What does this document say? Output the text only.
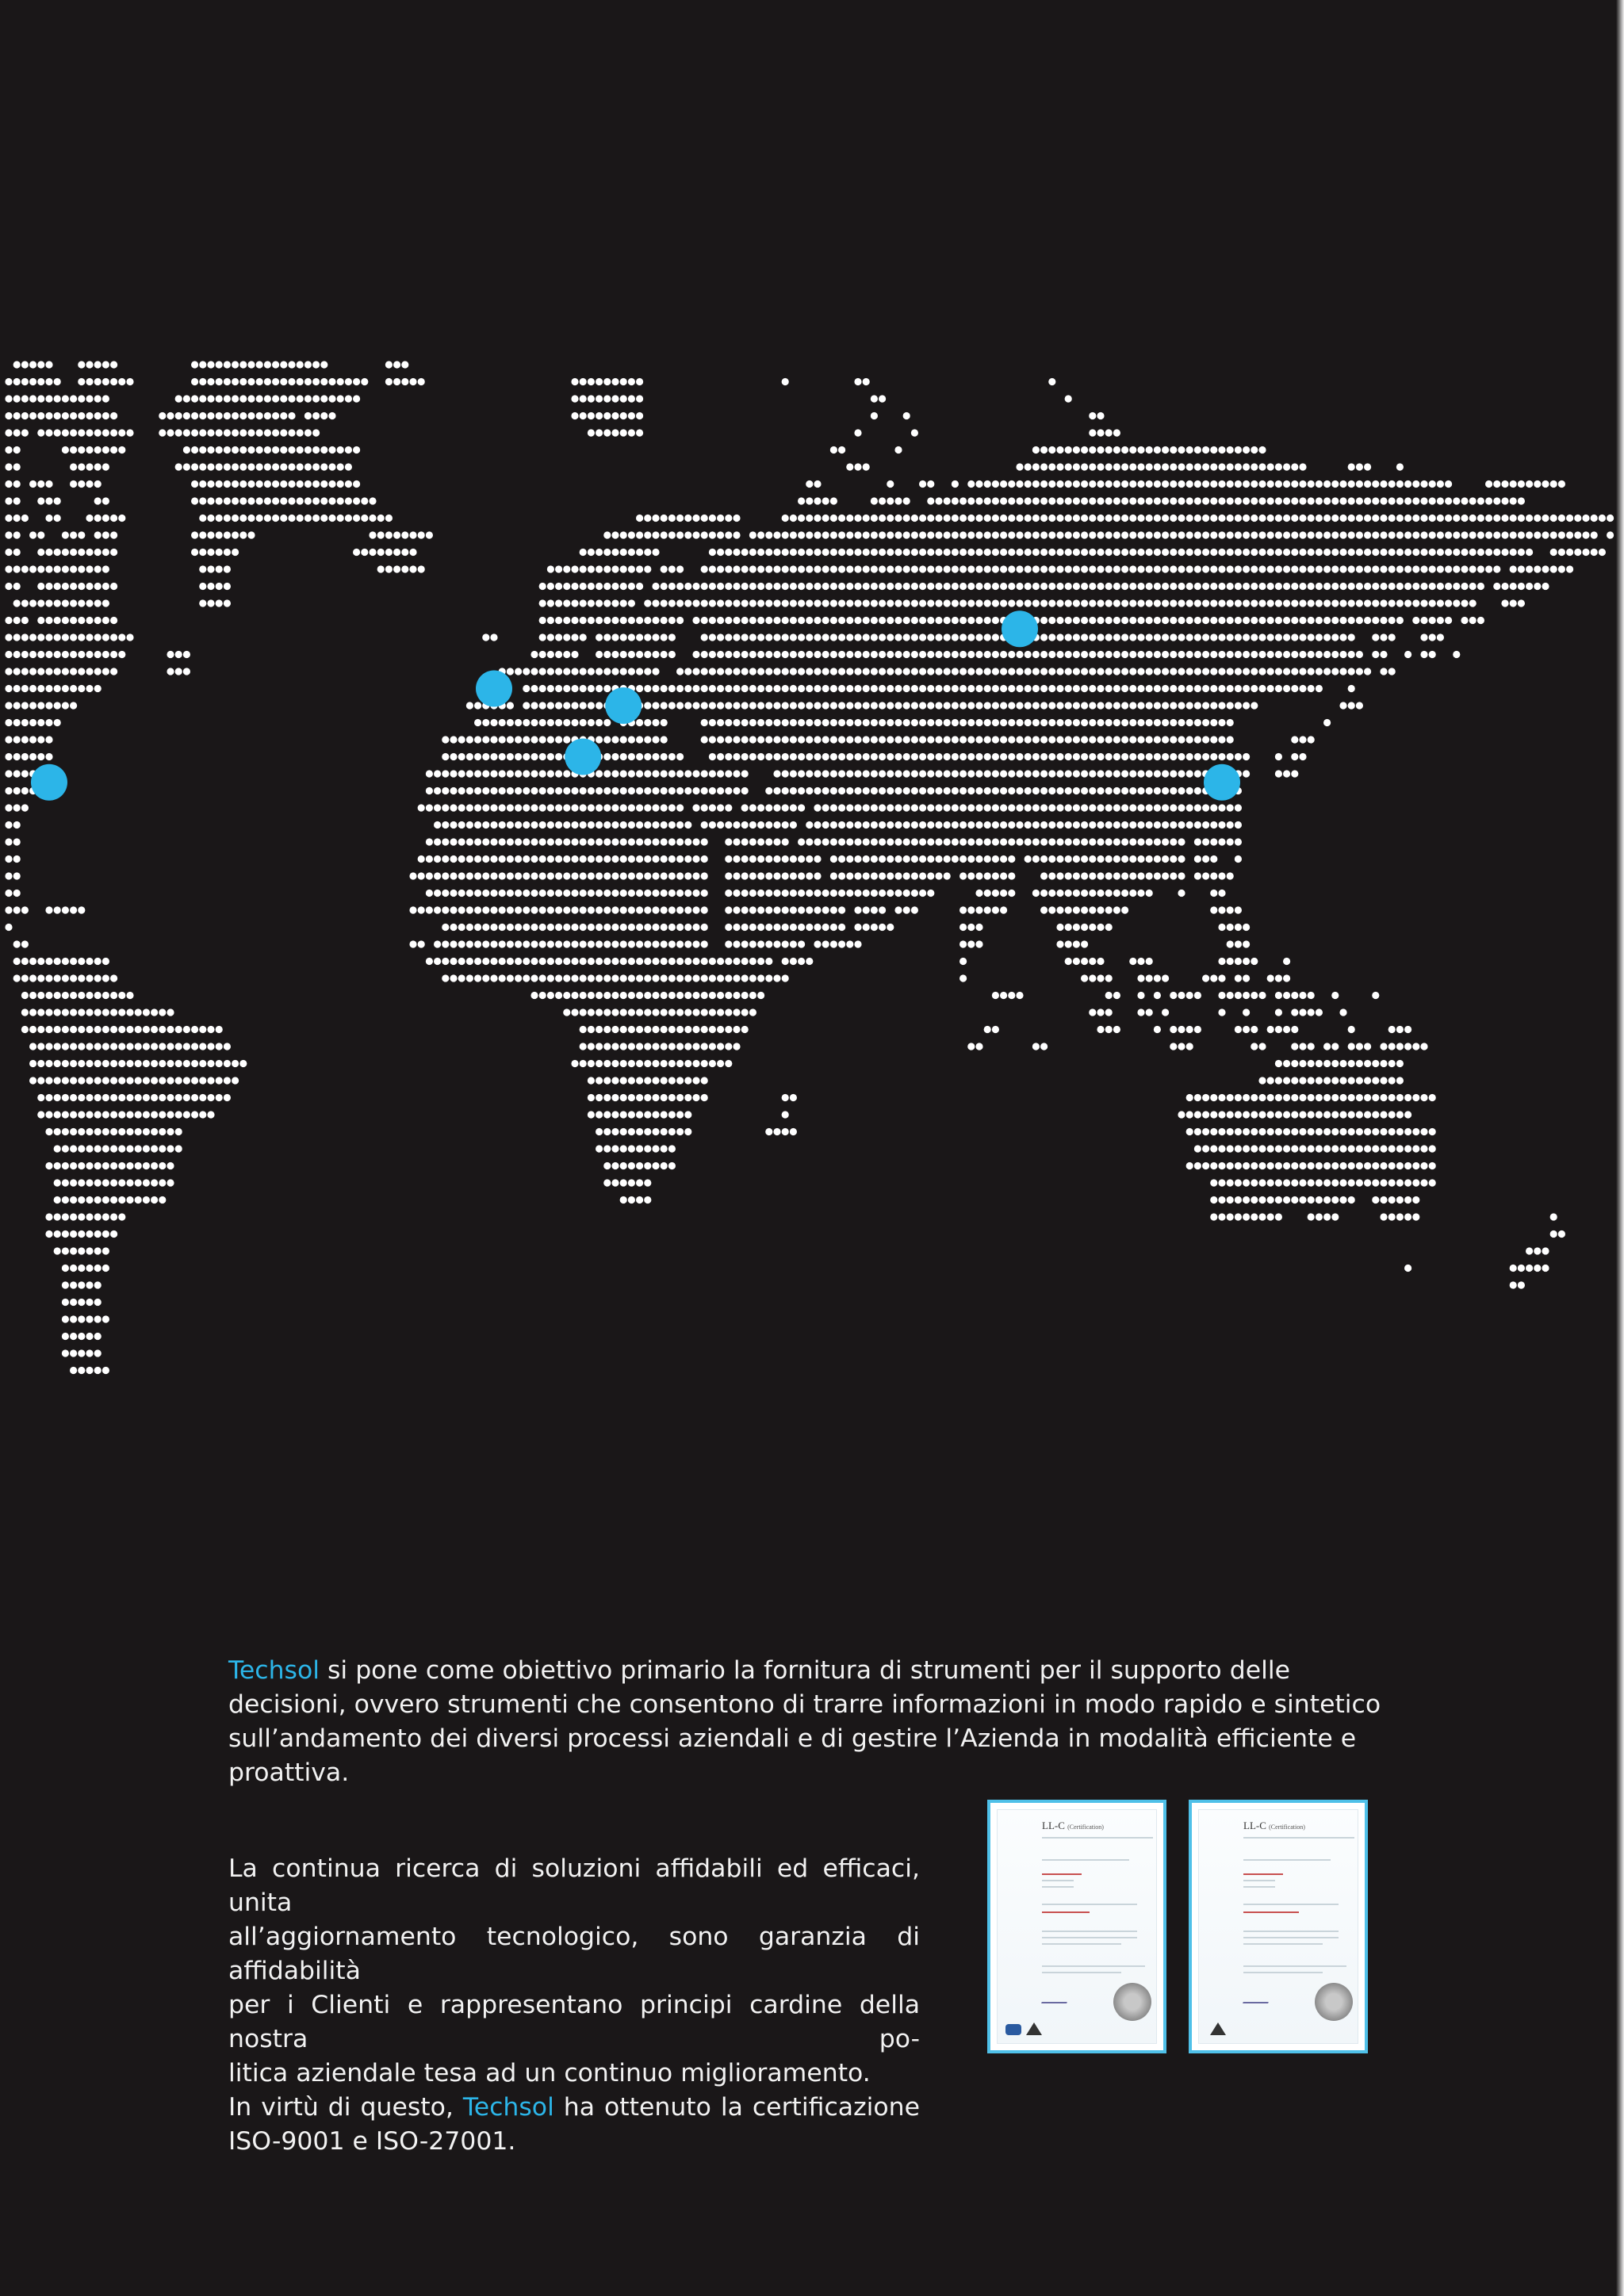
Techsol si pone come obiettivo primario la fornitura di strumenti per il supporto delle decisioni, ovvero strumenti che consentono di trarre informazioni in modo rapido e sintetico sull’andamento dei diversi processi aziendali e di gestire l’Azienda in modalità efficiente e proattiva.

La continua ricerca di soluzioni affidabili ed efficaci, unita
all’aggiornamento tecnologico, sono garanzia di affidabilità
per i Clienti e rappresentano principi cardine della nostra po-
litica aziendale tesa ad un continuo miglioramento.
In virtù di questo, Techsol ha ottenuto la certificazione
ISO-9001 e ISO-27001.

LL-C (Certification)	LL-C (Certification)
